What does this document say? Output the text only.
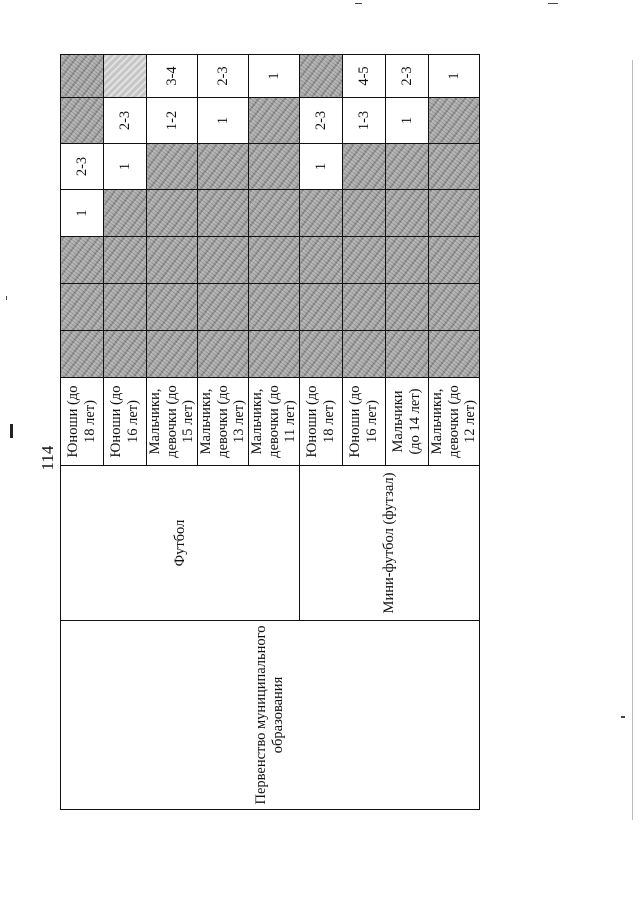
114
Первенство муниципального образования	Футбол	Юноши (до 18 лет)				1	2-3		
		Юноши (до 16 лет)					1	2-3	
		Мальчики, девочки (до 15 лет)						1-2	3-4
		Мальчики, девочки (до 13 лет)						1	2-3
		Мальчики, девочки (до 11 лет)							1
	Мини-футбол (футзал)	Юноши (до 18 лет)					1	2-3	
		Юноши (до 16 лет)						1-3	4-5
		Мальчики (до 14 лет)						1	2-3
		Мальчики, девочки (до 12 лет)							1
